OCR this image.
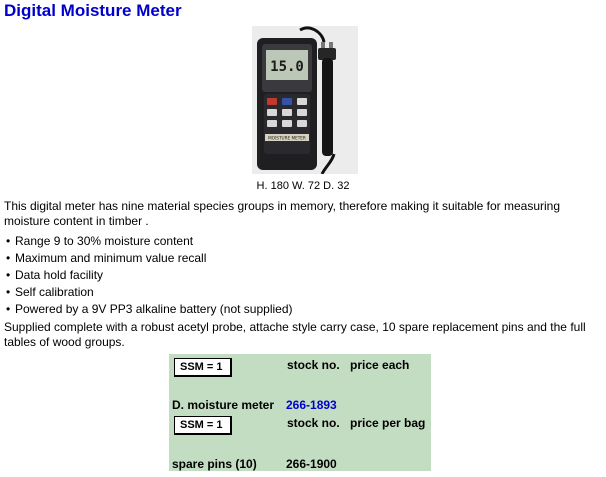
Digital Moisture Meter
15.0
MOISTURE METER
H. 180 W. 72 D. 32
This digital meter has nine material species groups in memory, therefore making it suitable for measuring moisture content in timber .
• Range 9 to 30% moisture content
• Maximum and minimum value recall
• Data hold facility
• Self calibration
• Powered by a 9V PP3 alkaline battery (not supplied)
Supplied complete with a robust acetyl probe, attache style carry case, 10 spare replacement pins and the full tables of wood groups.
SSM = 1	stock no. price each
D. moisture meter 266-1893
SSM = 1	stock no. price per bag
spare pins (10) 266-1900
